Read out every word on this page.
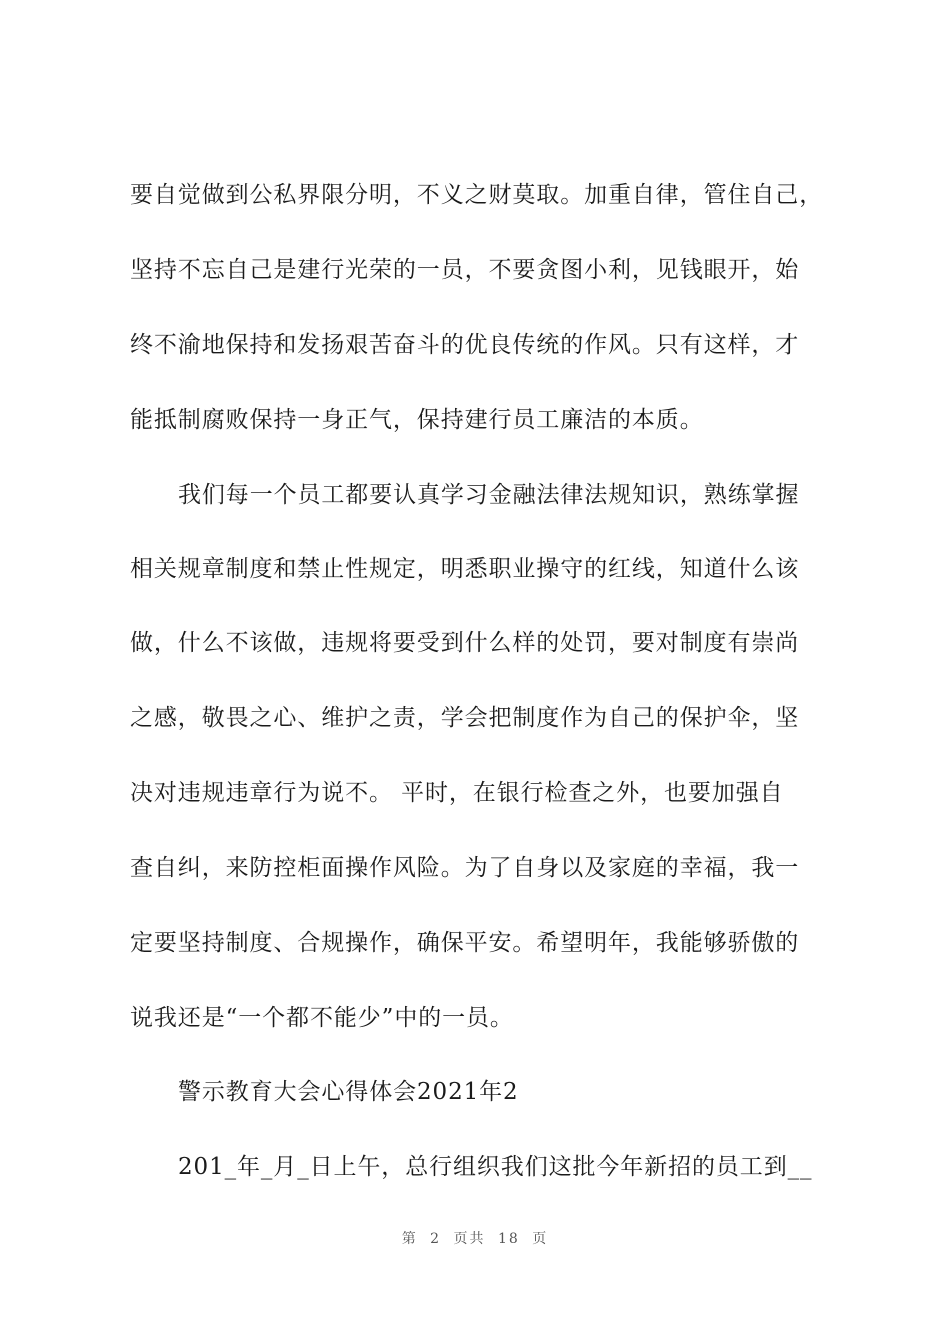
要自觉做到公私界限分明，不义之财莫取。加重自律，管住自己，
坚持不忘自己是建行光荣的一员，不要贪图小利，见钱眼开，始
终不渝地保持和发扬艰苦奋斗的优良传统的作风。只有这样，才
能抵制腐败保持一身正气，保持建行员工廉洁的本质。
我们每一个员工都要认真学习金融法律法规知识，熟练掌握
相关规章制度和禁止性规定，明悉职业操守的红线，知道什么该
做，什么不该做，违规将要受到什么样的处罚，要对制度有崇尚
之感，敬畏之心、维护之责，学会把制度作为自己的保护伞，坚
决对违规违章行为说不。 平时，在银行检查之外，也要加强自
查自纠，来防控柜面操作风险。为了自身以及家庭的幸福，我一
定要坚持制度、合规操作，确保平安。希望明年，我能够骄傲的
说我还是“一个都不能少”中的一员。
警示教育大会心得体会2021年2
201_年_月_日上午，总行组织我们这批今年新招的员工到__
第 2 页共 18 页
